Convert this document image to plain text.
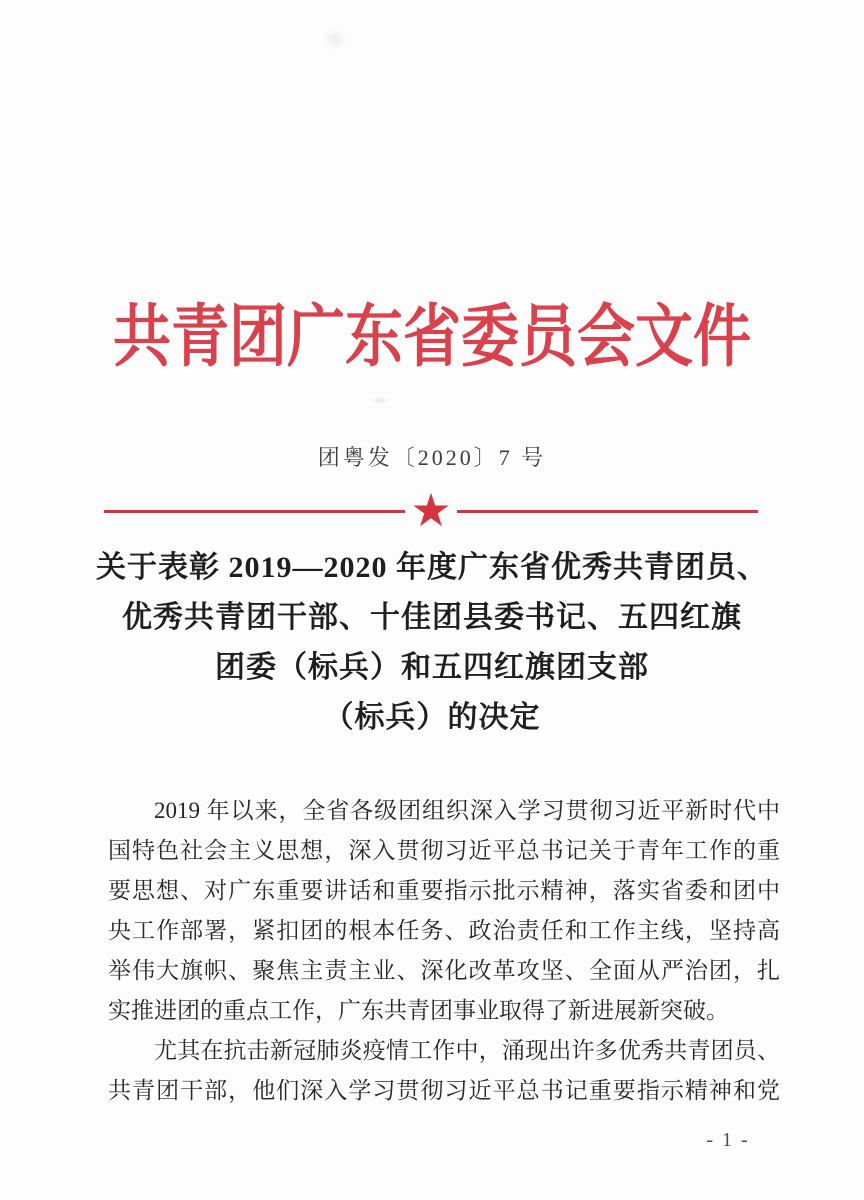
共青团广东省委员会文件
团粤发〔2020〕7 号
★
关于表彰 2019—2020 年度广东省优秀共青团员、
优秀共青团干部、十佳团县委书记、五四红旗
团委（标兵）和五四红旗团支部
（标兵）的决定
2019 年以来，全省各级团组织深入学习贯彻习近平新时代中
国特色社会主义思想，深入贯彻习近平总书记关于青年工作的重
要思想、对广东重要讲话和重要指示批示精神，落实省委和团中
央工作部署，紧扣团的根本任务、政治责任和工作主线，坚持高
举伟大旗帜、聚焦主责主业、深化改革攻坚、全面从严治团，扎
实推进团的重点工作，广东共青团事业取得了新进展新突破。
尤其在抗击新冠肺炎疫情工作中，涌现出许多优秀共青团员、
共青团干部，他们深入学习贯彻习近平总书记重要指示精神和党
- 1 -
